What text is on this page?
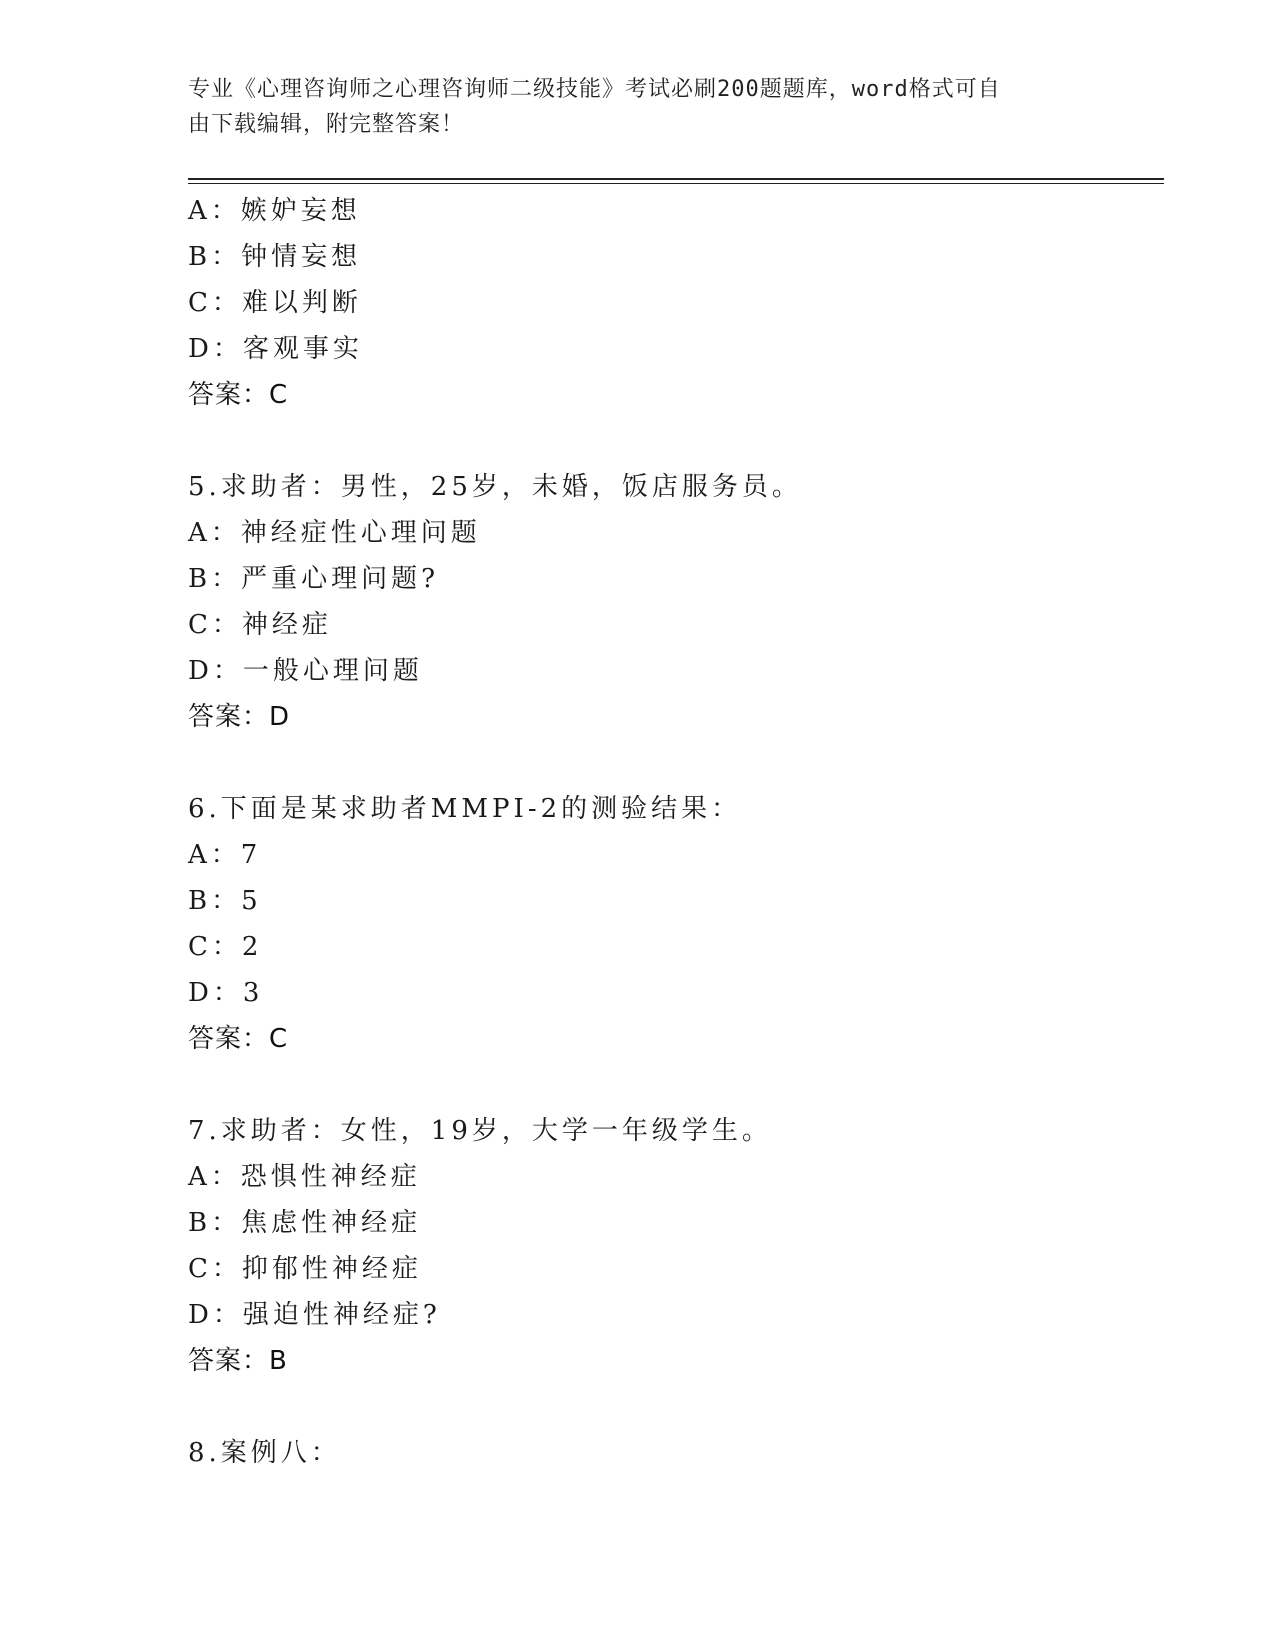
专业《心理咨询师之心理咨询师二级技能》考试必刷200题题库，word格式可自
由下载编辑，附完整答案！
A：嫉妒妄想
B：钟情妄想
C：难以判断
D：客观事实
答案：C
5.求助者：男性，25岁，未婚，饭店服务员。
A：神经症性心理问题
B：严重心理问题?
C：神经症
D：一般心理问题
答案：D
6.下面是某求助者MMPI-2的测验结果：
A：7
B：5
C：2
D：3
答案：C
7.求助者：女性，19岁，大学一年级学生。
A：恐惧性神经症
B：焦虑性神经症
C：抑郁性神经症
D：强迫性神经症?
答案：B
8.案例八：
